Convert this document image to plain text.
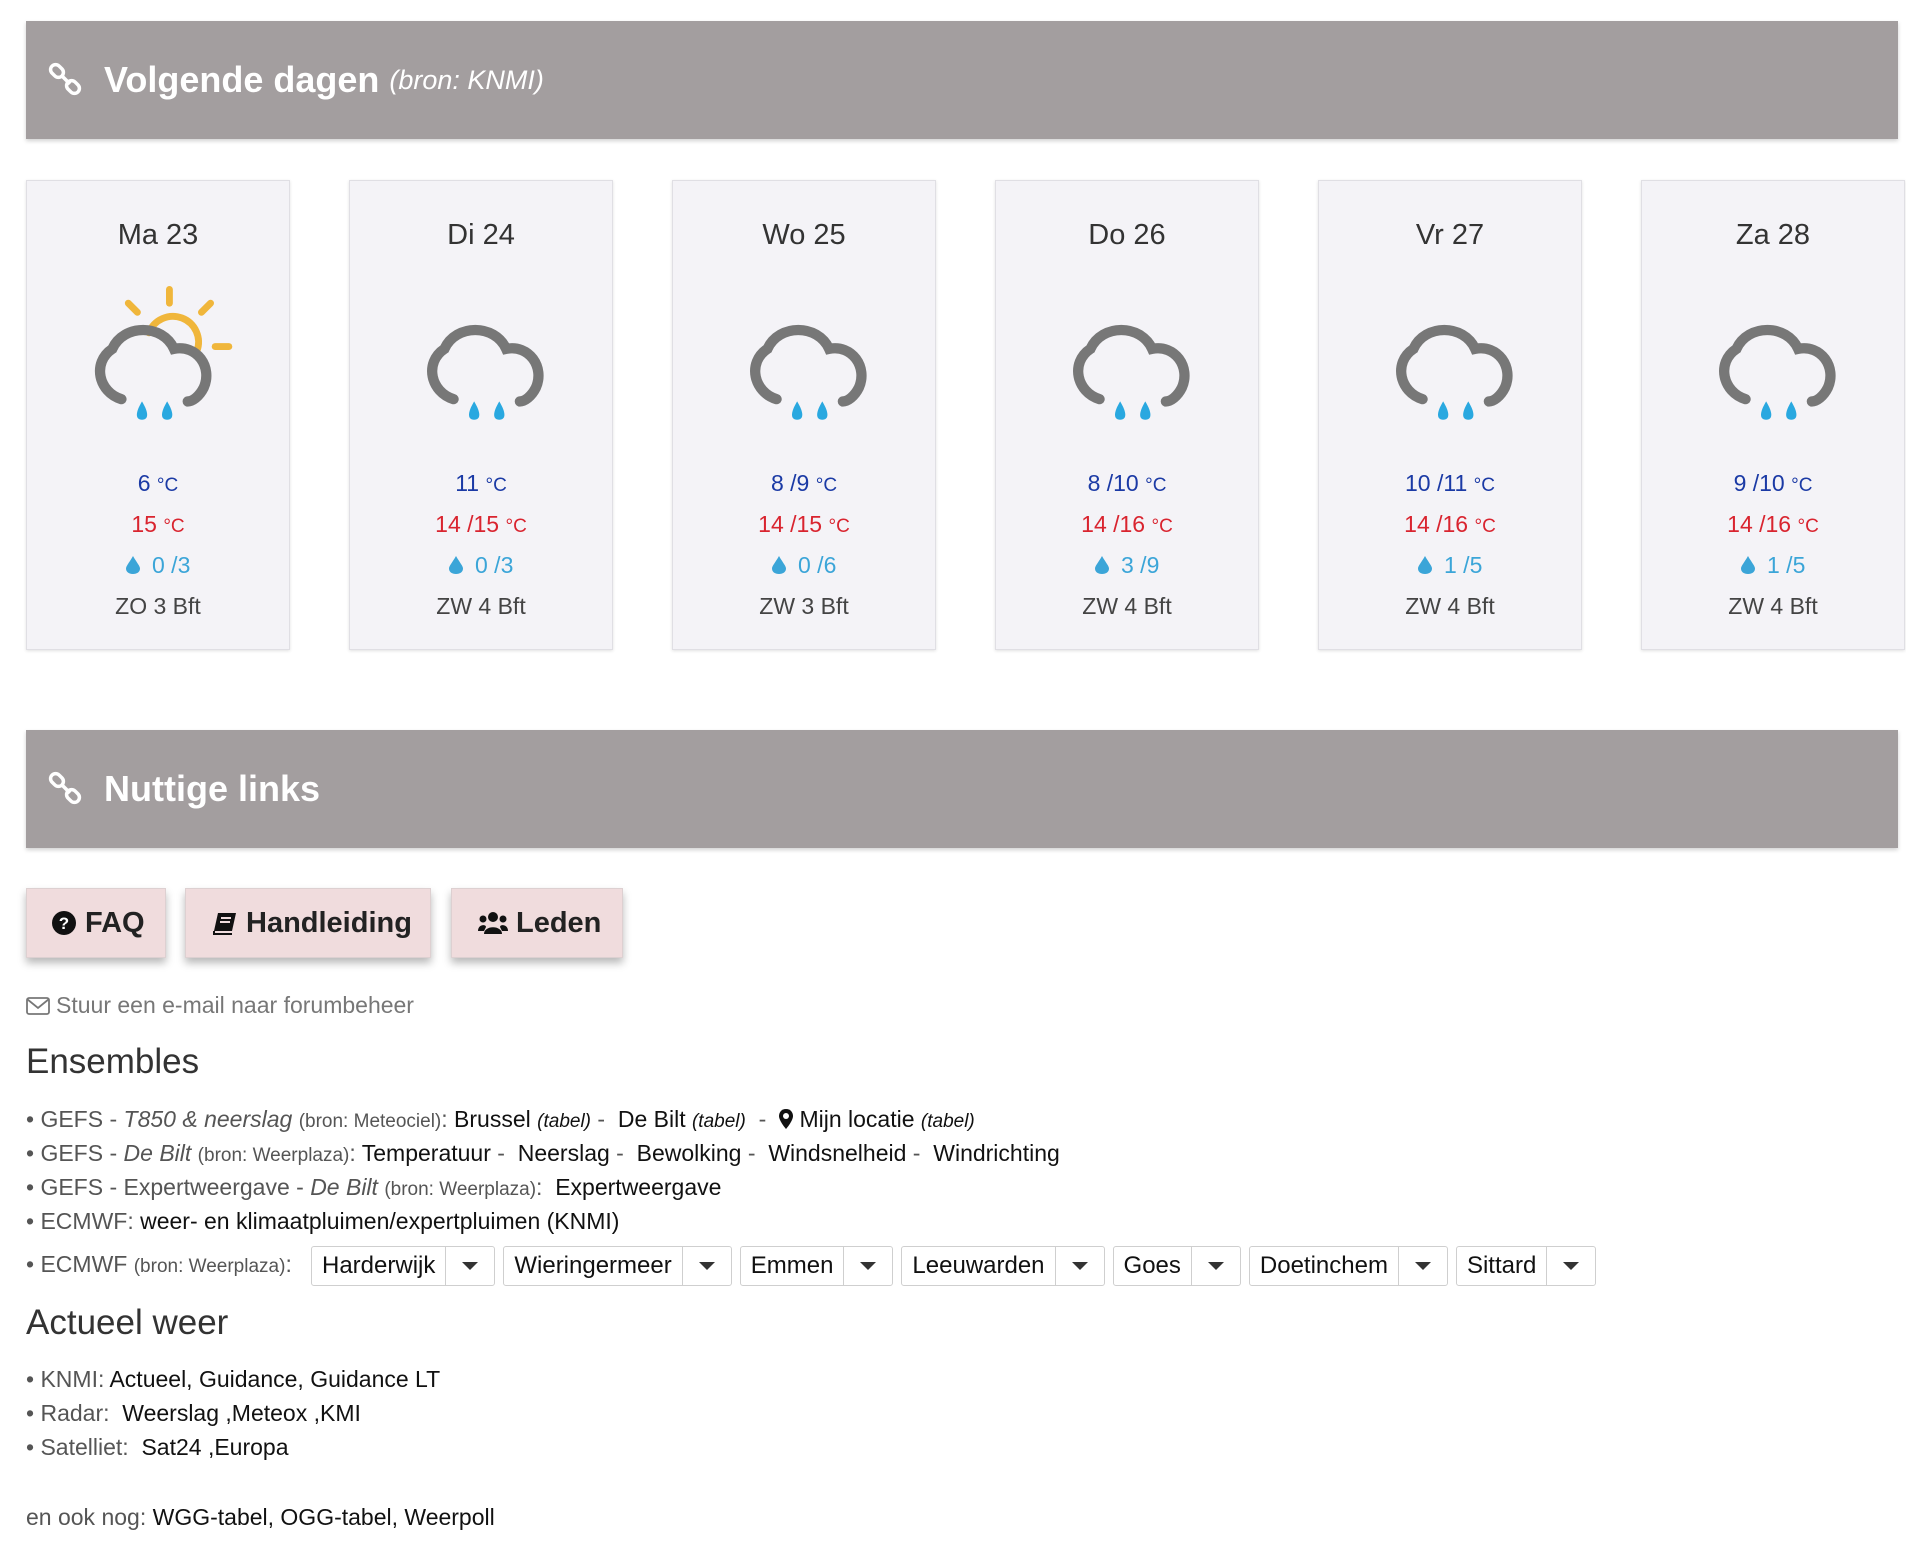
Volgende dagen (bron: KNMI)
Ma 23
6 °C
15 °C
0 /3
ZO 3 Bft
Di 24
11 °C
14 /15 °C
0 /3
ZW 4 Bft
Wo 25
8 /9 °C
14 /15 °C
0 /6
ZW 3 Bft
Do 26
8 /10 °C
14 /16 °C
3 /9
ZW 4 Bft
Vr 27
10 /11 °C
14 /16 °C
1 /5
ZW 4 Bft
Za 28
9 /10 °C
14 /16 °C
1 /5
ZW 4 Bft
Nuttige links
? FAQ	Handleiding	Leden
Stuur een e-mail naar forumbeheer
Ensembles
• GEFS - T850 & neerslag (bron: Meteociel): Brussel (tabel) -  De Bilt (tabel)  -   Mijn locatie (tabel)
• GEFS - De Bilt (bron: Weerplaza): Temperatuur -  Neerslag -  Bewolking -  Windsnelheid -  Windrichting
• GEFS - Expertweergave - De Bilt (bron: Weerplaza):  Expertweergave
• ECMWF: weer- en klimaatpluimen/expertpluimen (KNMI)
• ECMWF (bron: Weerplaza): Harderwijk	Wieringermeer	Emmen	Leeuwarden	Goes	Doetinchem	Sittard
Actueel weer
• KNMI: Actueel, Guidance, Guidance LT
• Radar:  Weerslag ,Meteox ,KMI
• Satelliet:  Sat24 ,Europa
en ook nog: WGG-tabel, OGG-tabel, Weerpoll
